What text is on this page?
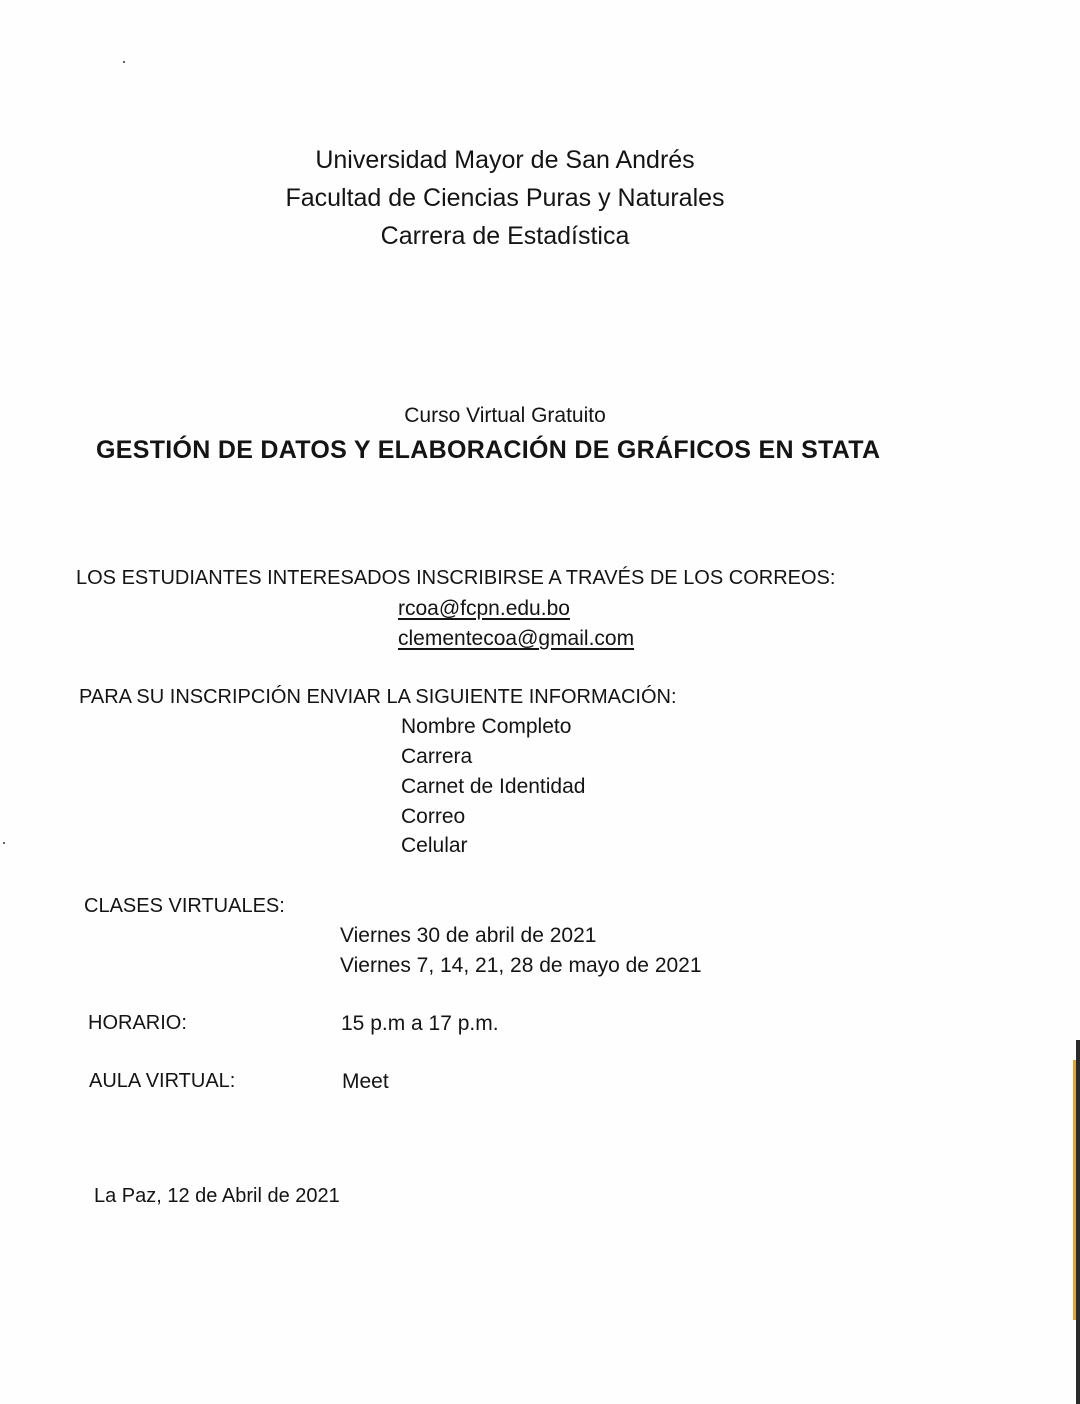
Universidad Mayor de San Andrés
Facultad de Ciencias Puras y Naturales
Carrera de Estadística
Curso Virtual Gratuito
GESTIÓN DE DATOS Y ELABORACIÓN DE GRÁFICOS EN STATA
LOS ESTUDIANTES INTERESADOS INSCRIBIRSE A TRAVÉS DE LOS CORREOS:
rcoa@fcpn.edu.bo
clementecoa@gmail.com
PARA SU INSCRIPCIÓN ENVIAR LA SIGUIENTE INFORMACIÓN:
Nombre Completo
Carrera
Carnet de Identidad
Correo
Celular
CLASES VIRTUALES:
Viernes 30 de abril de 2021
Viernes 7, 14, 21, 28 de mayo de 2021
HORARIO:	15 p.m a 17 p.m.
AULA VIRTUAL:	Meet
La Paz, 12 de Abril de 2021
